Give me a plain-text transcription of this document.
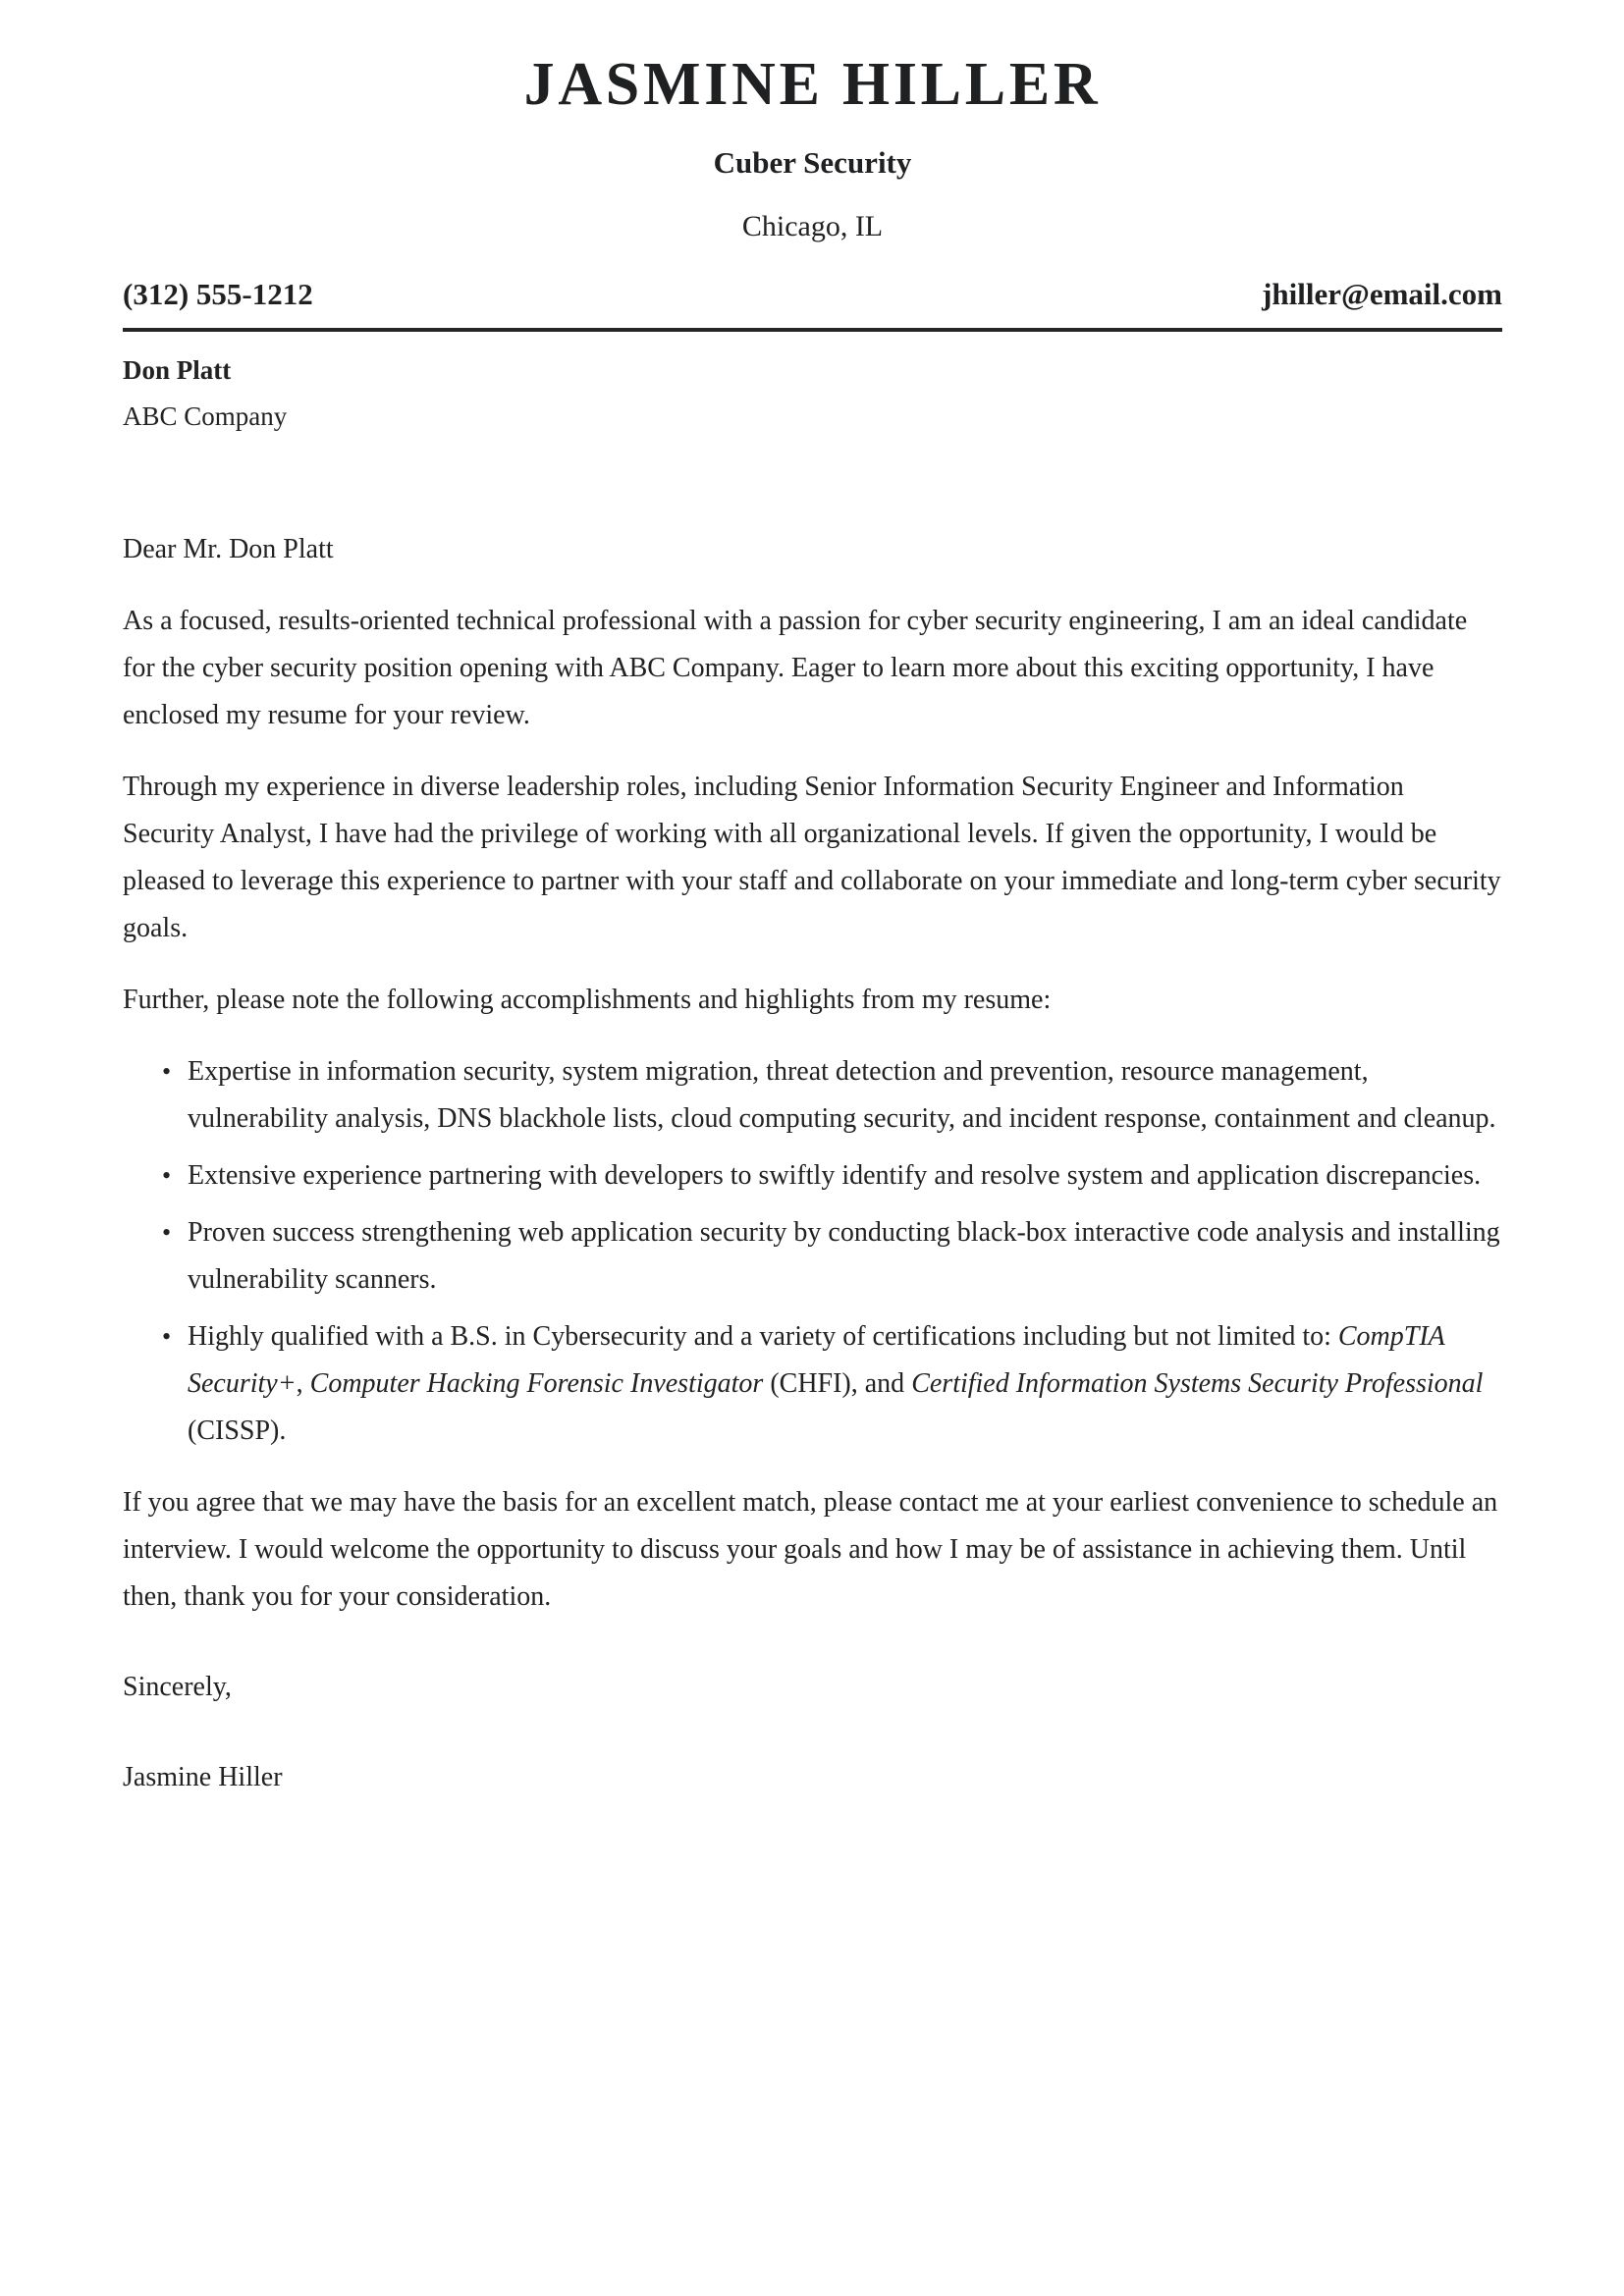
JASMINE HILLER
Cuber Security
Chicago, IL
(312) 555-1212	jhiller@email.com
Don Platt
ABC Company

Dear Mr. Don Platt

As a focused, results-oriented technical professional with a passion for cyber security engineering, I am an ideal candidate for the cyber security position opening with ABC Company. Eager to learn more about this exciting opportunity, I have enclosed my resume for your review.

Through my experience in diverse leadership roles, including Senior Information Security Engineer and Information Security Analyst, I have had the privilege of working with all organizational levels. If given the opportunity, I would be pleased to leverage this experience to partner with your staff and collaborate on your immediate and long-term cyber security goals.

Further, please note the following accomplishments and highlights from my resume:

• Expertise in information security, system migration, threat detection and prevention, resource management, vulnerability analysis, DNS blackhole lists, cloud computing security, and incident response, containment and cleanup.
• Extensive experience partnering with developers to swiftly identify and resolve system and application discrepancies.
• Proven success strengthening web application security by conducting black-box interactive code analysis and installing vulnerability scanners.
• Highly qualified with a B.S. in Cybersecurity and a variety of certifications including but not limited to: CompTIA Security+, Computer Hacking Forensic Investigator (CHFI), and Certified Information Systems Security Professional (CISSP).

If you agree that we may have the basis for an excellent match, please contact me at your earliest convenience to schedule an interview. I would welcome the opportunity to discuss your goals and how I may be of assistance in achieving them. Until then, thank you for your consideration.

Sincerely,

Jasmine Hiller
